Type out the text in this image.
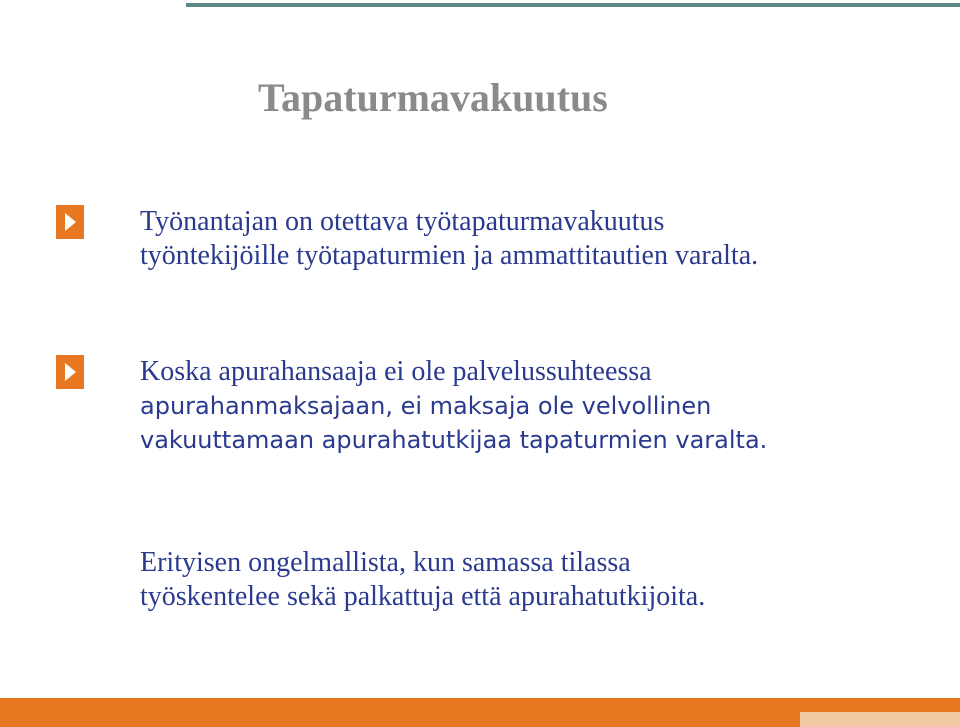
Tapaturmavakuutus
Työnantajan on otettava työtapaturmavakuutus
työntekijöille työtapaturmien ja ammattitautien varalta.
Koska apurahansaaja ei ole palvelussuhteessa
apurahanmaksajaan, ei maksaja ole velvollinen
vakuuttamaan apurahatutkijaa tapaturmien varalta.
Erityisen ongelmallista, kun samassa tilassa
työskentelee sekä palkattuja että apurahatutkijoita.
